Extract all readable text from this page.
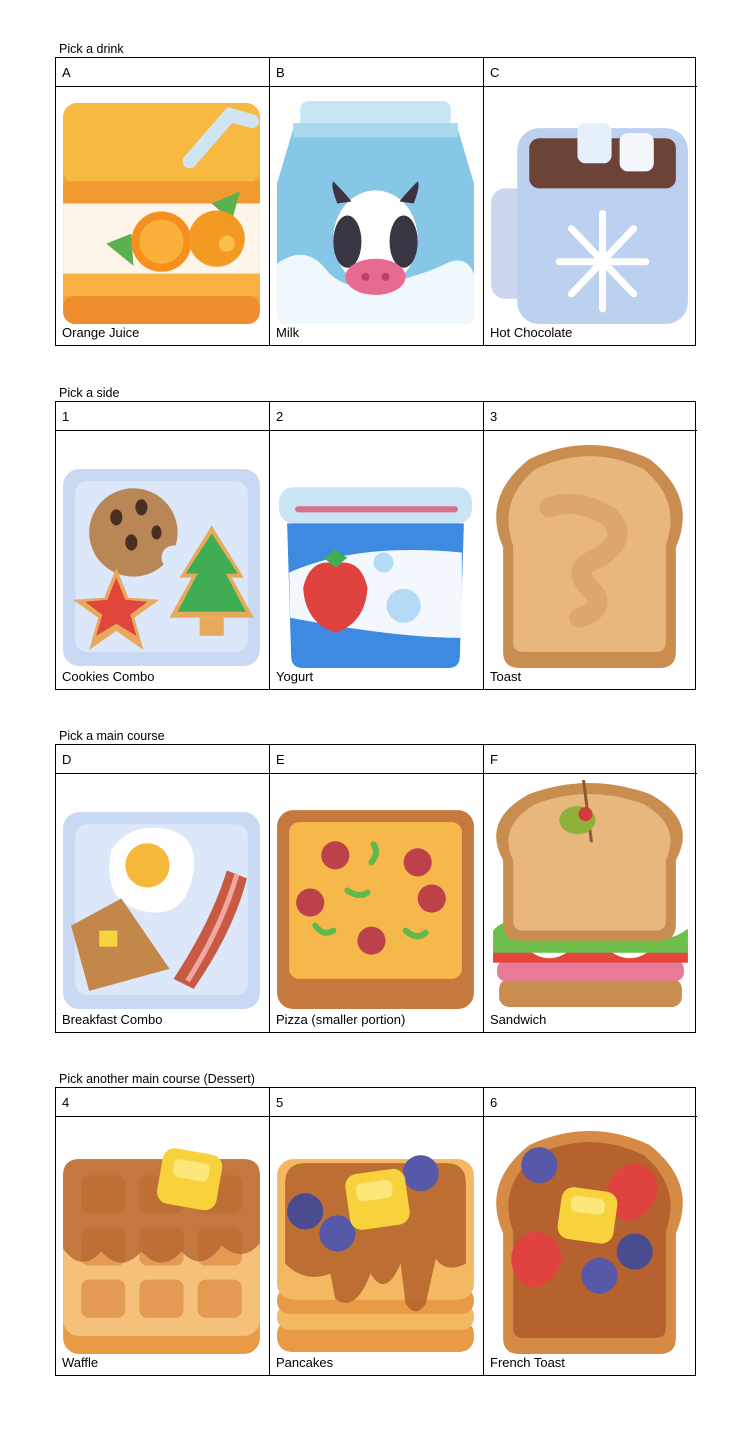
Pick a drink
A
Orange Juice
B
Milk
C
Hot Chocolate
Pick a side
1
Cookies Combo
2
Yogurt
3
Toast
Pick a main course
D
Breakfast Combo
E
Pizza (smaller portion)
F
Sandwich
Pick another main course (Dessert)
4
Waffle
5
Pancakes
6
French Toast
